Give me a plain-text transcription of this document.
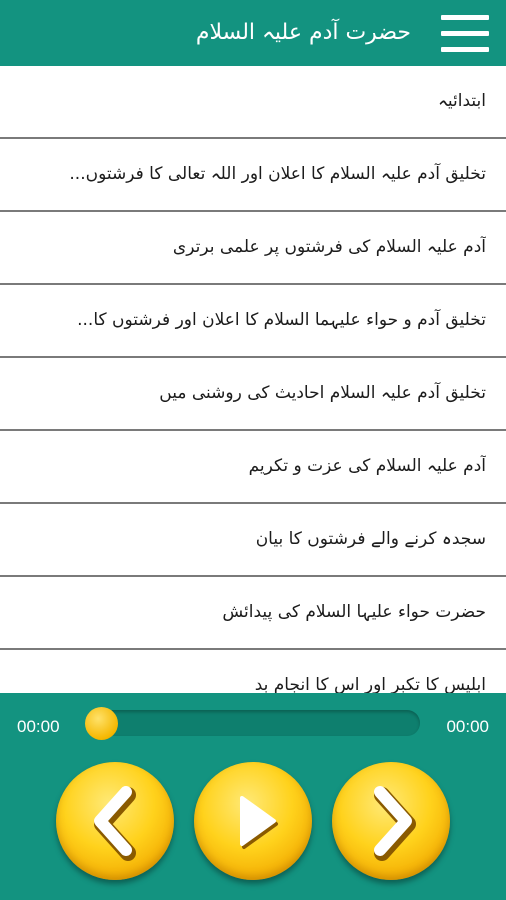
حضرت آدم علیہ السلام
ابتدائیہ
تخلیق آدم علیہ السلام کا اعلان اور اللہ تعالی کا فرشتوں...
آدم علیہ السلام کی فرشتوں پر علمی برتری
تخلیق آدم و حواء علیہما السلام کا اعلان اور فرشتوں کا...
تخلیق آدم علیہ السلام احادیث کی روشنی میں
آدم علیہ السلام کی عزت و تکریم
سجدہ کرنے والے فرشتوں کا بیان
حضرت حواء علیہا السلام کی پیدائش
ابلیس کا تکبر اور اس کا انجام بد
00:00	00:00
